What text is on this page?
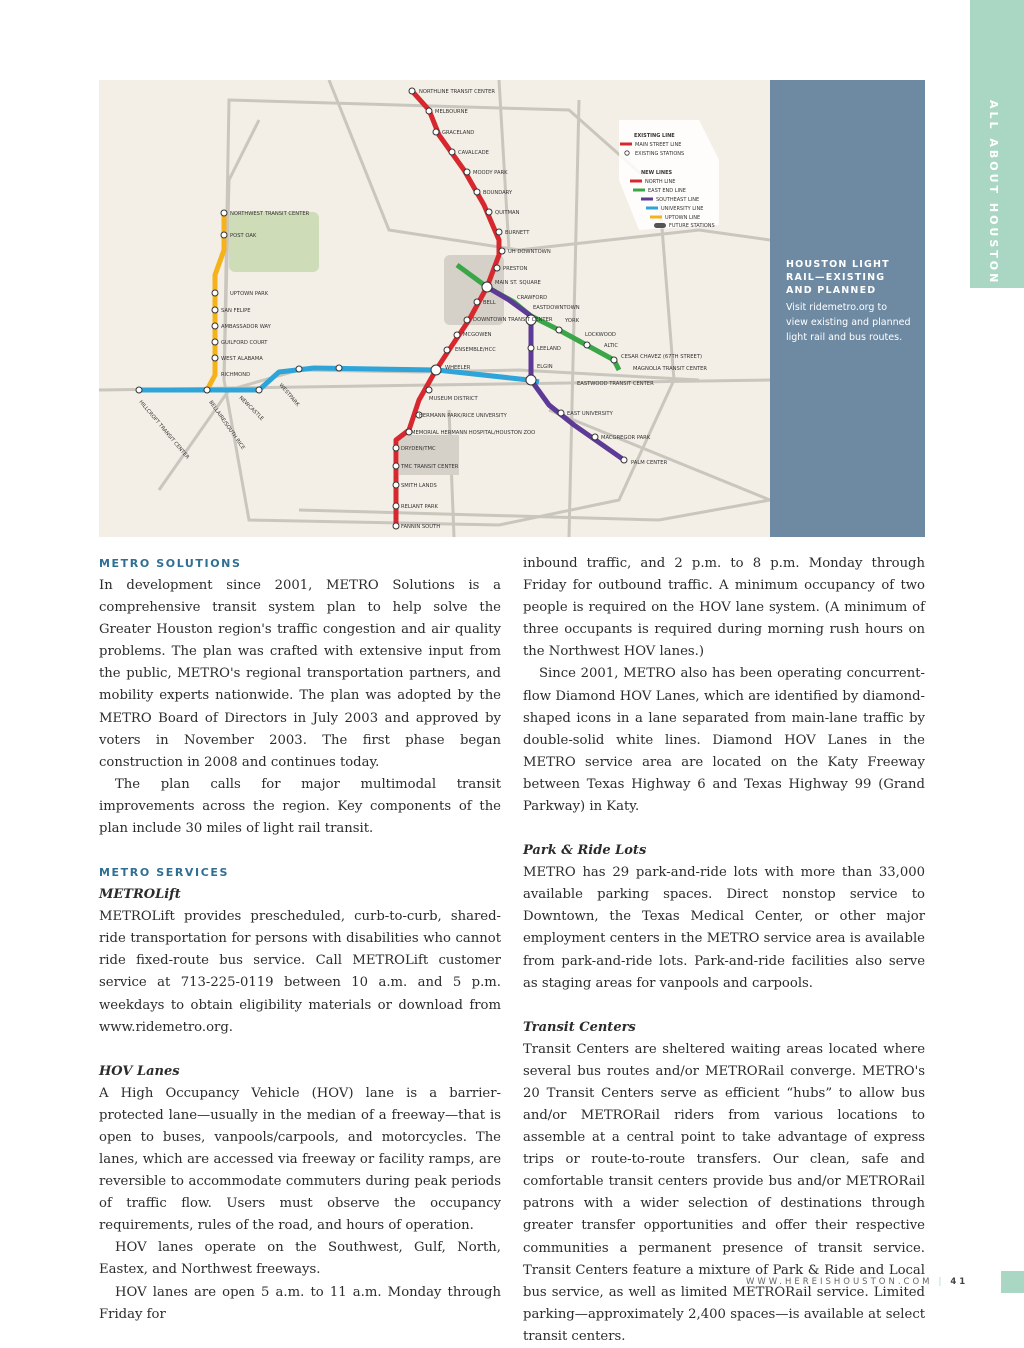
ALL ABOUT HOUSTON
NORTHLINE TRANSIT CENTER
MELBOURNE
GRACELAND
CAVALCADE
MOODY PARK
BOUNDARY
QUITMAN
BURNETT
UH DOWNTOWN
PRESTON
MAIN ST. SQUARE
CRAWFORD
BELL
EASTDOWNTOWN
DOWNTOWN TRANSIT CENTER
MCGOWEN
ENSEMBLE/HCC
WHEELER
MUSEUM DISTRICT
HERMANN PARK/RICE UNIVERSITY
MEMORIAL HERMANN HOSPITAL/HOUSTON ZOO
DRYDEN/TMC
TMC TRANSIT CENTER
SMITH LANDS
RELIANT PARK
FANNIN SOUTH
YORK
LOCKWOOD
ALTIC
CESAR CHAVEZ (67TH STREET)
MAGNOLIA TRANSIT CENTER
LEELAND
ELGIN
EASTWOOD TRANSIT CENTER
EAST UNIVERSITY
MACGREGOR PARK
PALM CENTER
NORTHWEST TRANSIT CENTER
POST OAK
UPTOWN PARK
SAN FELIPE
AMBASSADOR WAY
GUILFORD COURT
WEST ALABAMA
RICHMOND
HILLCROFT TRANSIT CENTER	BELLAIRE/SOUTH RICE
WESTPARK
NEWCASTLE
EXISTING LINE
MAIN STREET LINE
EXISTING STATIONS
NEW LINES
NORTH LINE
EAST END LINE
SOUTHEAST LINE
UNIVERSITY LINE
UPTOWN LINE
FUTURE STATIONS
HOUSTON LIGHT RAIL—EXISTING AND PLANNED
Visit ridemetro.org to view existing and planned light rail and bus routes.
METRO SOLUTIONS

In development since 2001, METRO Solutions is a comprehensive transit system plan to help solve the Greater Houston region's traffic congestion and air quality problems. The plan was crafted with extensive input from the public, METRO's regional transportation partners, and mobility experts nationwide. The plan was adopted by the METRO Board of Directors in July 2003 and approved by voters in November 2003. The first phase began construction in 2008 and continues today.

The plan calls for major multimodal transit improvements across the region. Key components of the plan include 30 miles of light rail transit.

METRO SERVICES
METROLift

METROLift provides prescheduled, curb-to-curb, shared-ride transportation for persons with disabilities who cannot ride fixed-route bus service. Call METROLift customer service at 713-225-0119 between 10 a.m. and 5 p.m. weekdays to obtain eligibility materials or download from www.ridemetro.org.

HOV Lanes

A High Occupancy Vehicle (HOV) lane is a barrier-protected lane—usually in the median of a freeway—that is open to buses, vanpools/carpools, and motorcycles. The lanes, which are accessed via freeway or facility ramps, are reversible to accommodate commuters during peak periods of traffic flow. Users must observe the occupancy requirements, rules of the road, and hours of operation.

HOV lanes operate on the Southwest, Gulf, North, Eastex, and Northwest freeways.

HOV lanes are open 5 a.m. to 11 a.m. Monday through Friday for

inbound traffic, and 2 p.m. to 8 p.m. Monday through Friday for outbound traffic. A minimum occupancy of two people is required on the HOV lane system. (A minimum of three occupants is required during morning rush hours on the Northwest HOV lanes.)

Since 2001, METRO also has been operating concurrent-flow Diamond HOV Lanes, which are identified by diamond-shaped icons in a lane separated from main-lane traffic by double-solid white lines. Diamond HOV Lanes in the METRO service area are located on the Katy Freeway between Texas Highway 6 and Texas Highway 99 (Grand Parkway) in Katy.

Park & Ride Lots

METRO has 29 park-and-ride lots with more than 33,000 available parking spaces. Direct nonstop service to Downtown, the Texas Medical Center, or other major employment centers in the METRO service area is available from park-and-ride lots. Park-and-ride facilities also serve as staging areas for vanpools and carpools.

Transit Centers

Transit Centers are sheltered waiting areas located where several bus routes and/or METRORail converge. METRO's 20 Transit Centers serve as efficient “hubs” to allow bus and/or METRORail riders from various locations to assemble at a central point to take advantage of express trips or route-to-route transfers. Our clean, safe and comfortable transit centers provide bus and/or METRORail patrons with a wider selection of destinations through greater transfer opportunities and offer their respective communities a permanent presence of transit service. Transit Centers feature a mixture of Park & Ride and Local bus service, as well as limited METRORail service. Limited parking—approximately 2,400 spaces—is available at select transit centers.

WWW.HEREISHOUSTON.COM | 41
